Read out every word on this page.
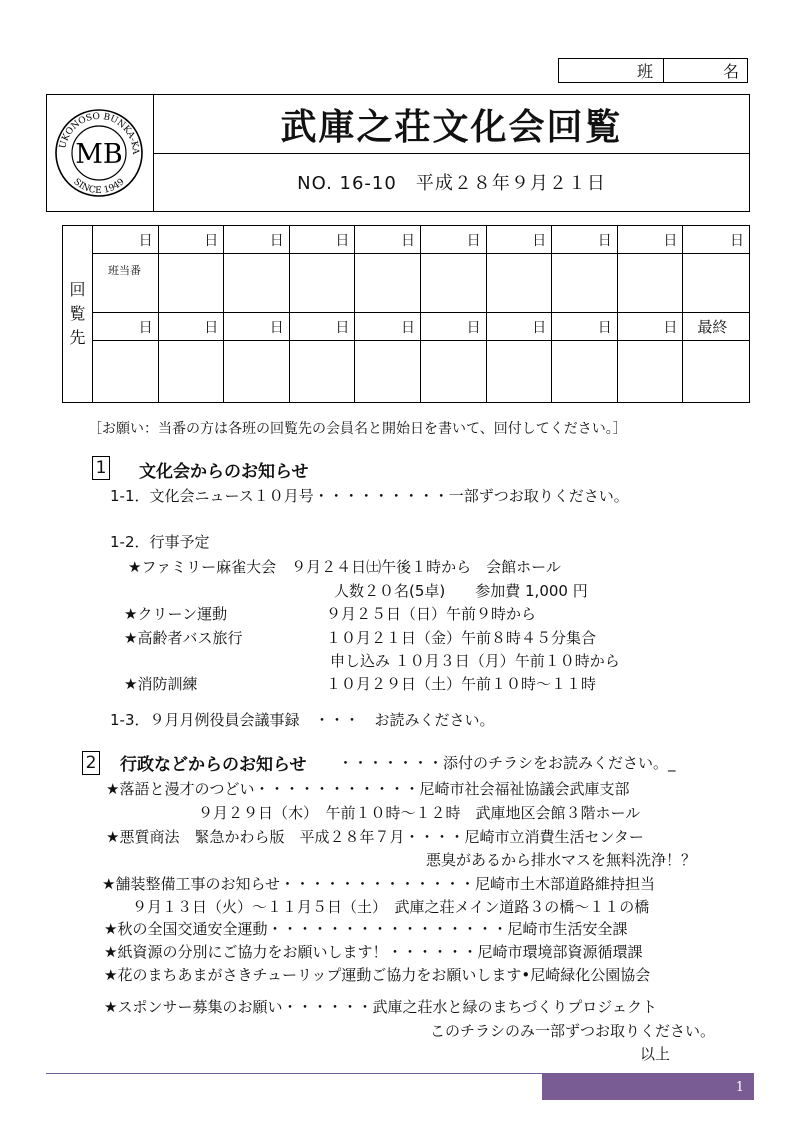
班	名
UKONOSO BUNKA-KA
SINCE 1949
MB
武庫之荘文化会回覧
NO. 16-10　平成２８年９月２１日
回
覧
先
日	日	日	日	日	日	日	日	日	日
班当番
日	日	日	日	日	日	日	日	日	最終
［お願い：当番の方は各班の回覧先の会員名と開始日を書いて、回付してください。］
1 文化会からのお知らせ
1-1．文化会ニュース１０月号・・・・・・・・・一部ずつお取りください。
1-2．行事予定
★ファミリー麻雀大会　９月２４日㈯午後１時から　会館ホール
人数２０名(5卓)　　参加費 1,000 円
★クリーン運動	９月２５日（日）午前９時から
★高齢者バス旅行	１０月２１日（金）午前８時４５分集合
申し込み １０月３日（月）午前１０時から
★消防訓練	１０月２９日（土）午前１０時～１１時
1-3．９月月例役員会議事録　・・・　お読みください。
2 行政などからのお知らせ ・・・・・・・添付のチラシをお読みください。_
★落語と漫才のつどい・・・・・・・・・・・尼崎市社会福祉協議会武庫支部
９月２９日（木）　午前１０時～１２時　武庫地区会館３階ホール
★悪質商法　緊急かわら版　平成２８年７月・・・・尼崎市立消費生活センター
悪臭があるから排水マスを無料洗浄！？
★舗装整備工事のお知らせ・・・・・・・・・・・・・尼崎市土木部道路維持担当
９月１３日（火）～１１月５日（土）　武庫之荘メイン道路３の橋～１１の橋
★秋の全国交通安全運動・・・・・・・・・・・・・・・・尼崎市生活安全課
★紙資源の分別にご協力をお願いします！・・・・・・尼崎市環境部資源循環課
★花のまちあまがさきチューリップ運動ご協力をお願いします•尼崎緑化公園協会
★スポンサー募集のお願い・・・・・・武庫之荘水と緑のまちづくりプロジェクト
このチラシのみ一部ずつお取りください。
以上
1
